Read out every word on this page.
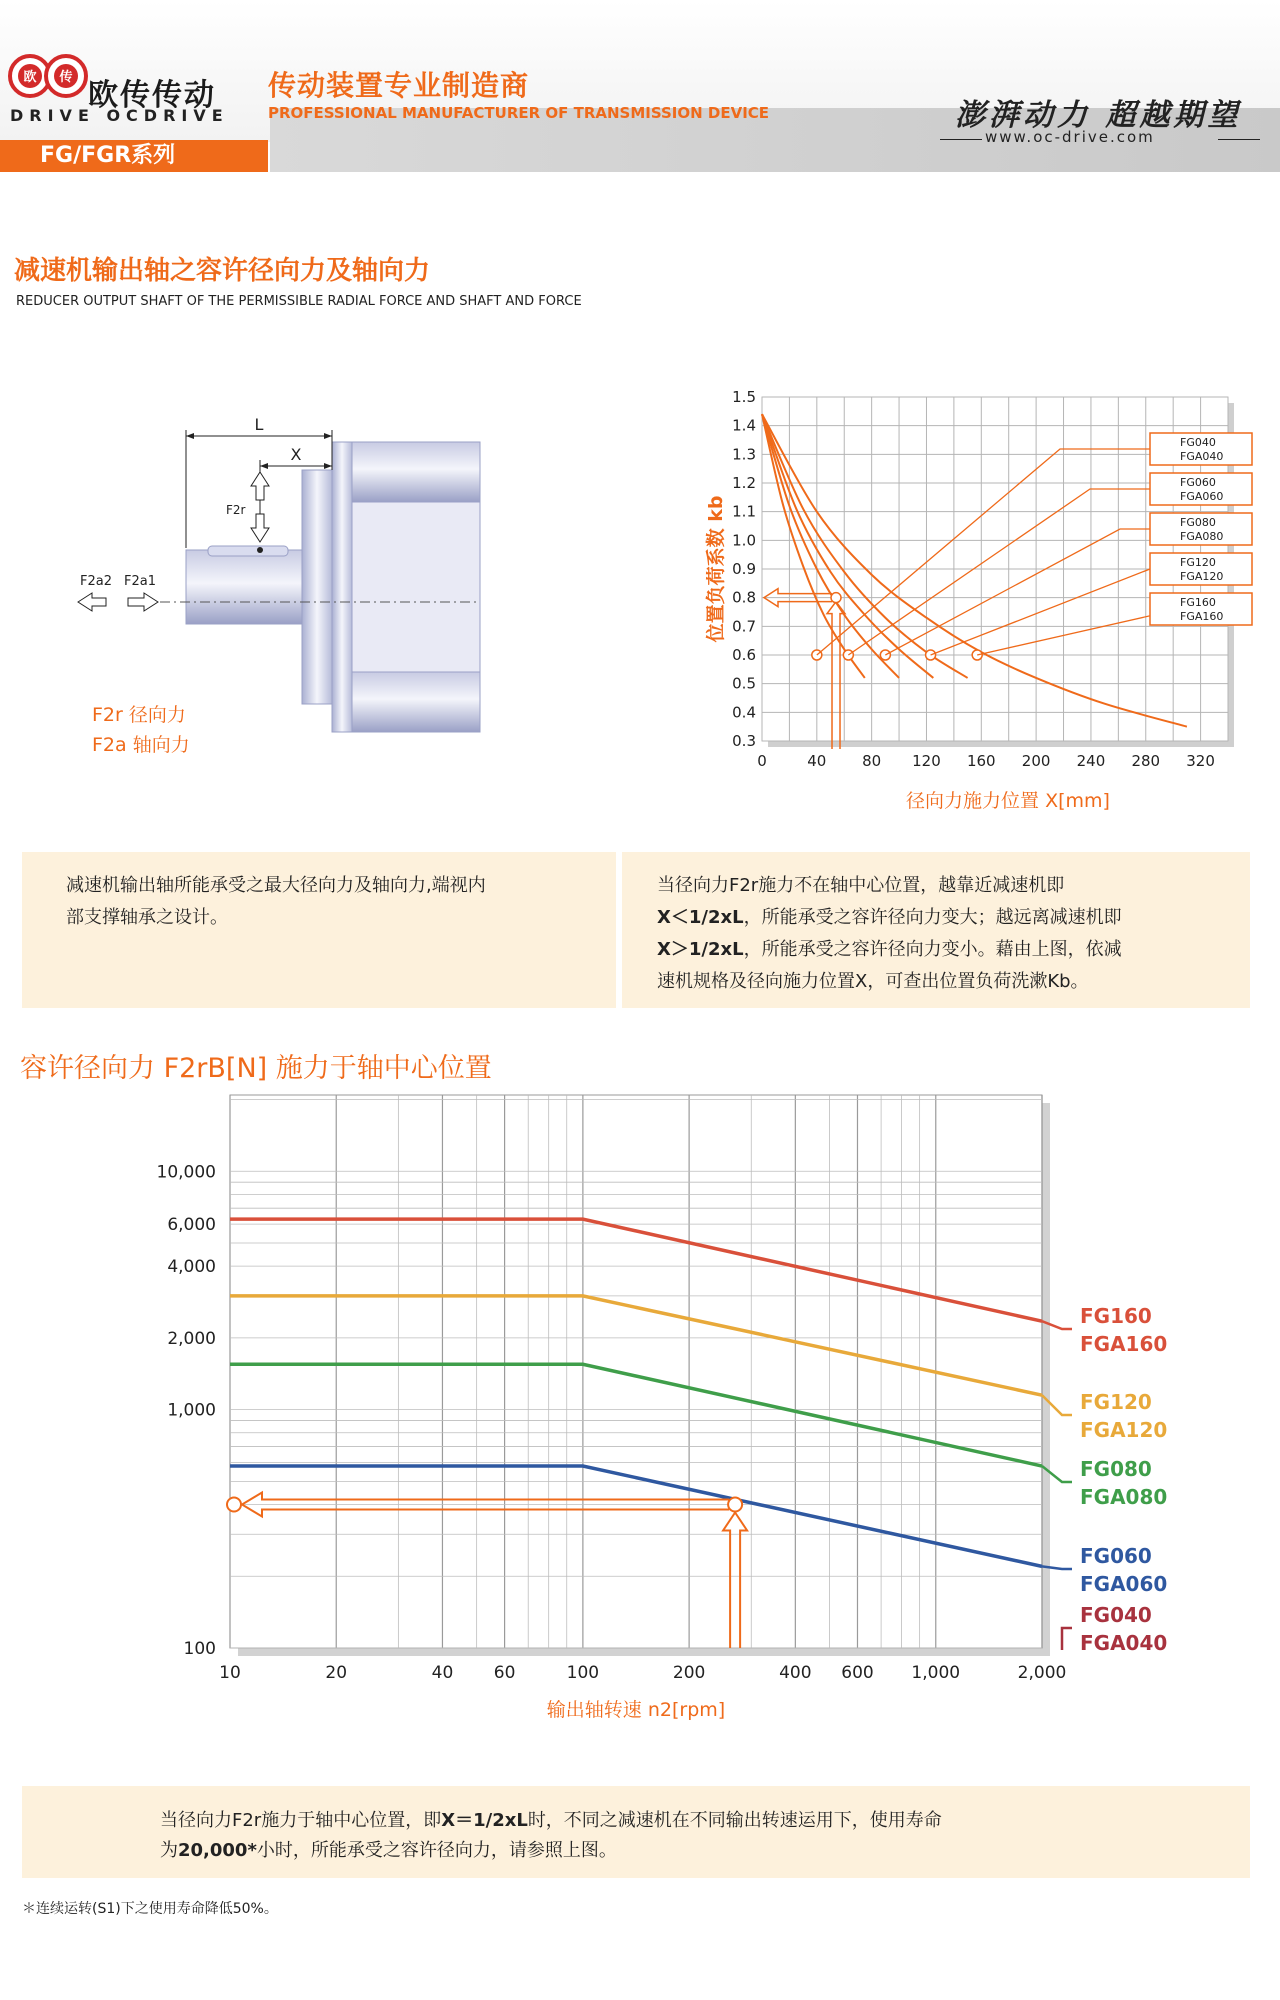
欧 传
欧传传动
DRIVE OCDRIVE
传动装置专业制造商
PROFESSIONAL MANUFACTURER OF TRANSMISSION DEVICE	澎湃动力 超越期望
www.oc-drive.com
FG/FGR系列
减速机输出轴之容许径向力及轴向力
REDUCER OUTPUT SHAFT OF THE PERMISSIBLE RADIAL FORCE AND SHAFT AND FORCE
L
X
F2r
F2a2 F2a1
F2r 径向力
F2a 轴向力	0.3
0.4
0.5
0.6
0.7
0.8
0.9
1.0
1.1
1.2
1.3
1.4
1.5
0	40 80 120 160 200 240 280 320
FG040
FGA040
FG060
FGA060
FG080
FGA080
FG120
FGA120
FG160
FGA160
径向力施力位置 X[mm]
位置负荷系数 kb
减速机输出轴所能承受之最大径向力及轴向力,端视内
部支撑轴承之设计。
当径向力F2r施力不在轴中心位置，越靠近减速机即
X＜1/2xL，所能承受之容许径向力变大；越远离减速机即
X＞1/2xL，所能承受之容许径向力变小。藉由上图，依减
速机规格及径向施力位置X，可查出位置负荷洗漱Kb。
容许径向力 F2rB[N] 施力于轴中心位置
100
1,000
2,000
4,000
6,000
10,000
10	20	40 60	100	200	400 600 1,000	2,000
FG160
FGA160
FG120
FGA120
FG080
FGA080
FG060
FGA060
FG040
FGA040
输出轴转速 n2[rpm]
当径向力F2r施力于轴中心位置，即X＝1/2xL时，不同之减速机在不同输出转速运用下，使用寿命
为20,000*小时，所能承受之容许径向力，请参照上图。
＊连续运转(S1)下之使用寿命降低50%。
